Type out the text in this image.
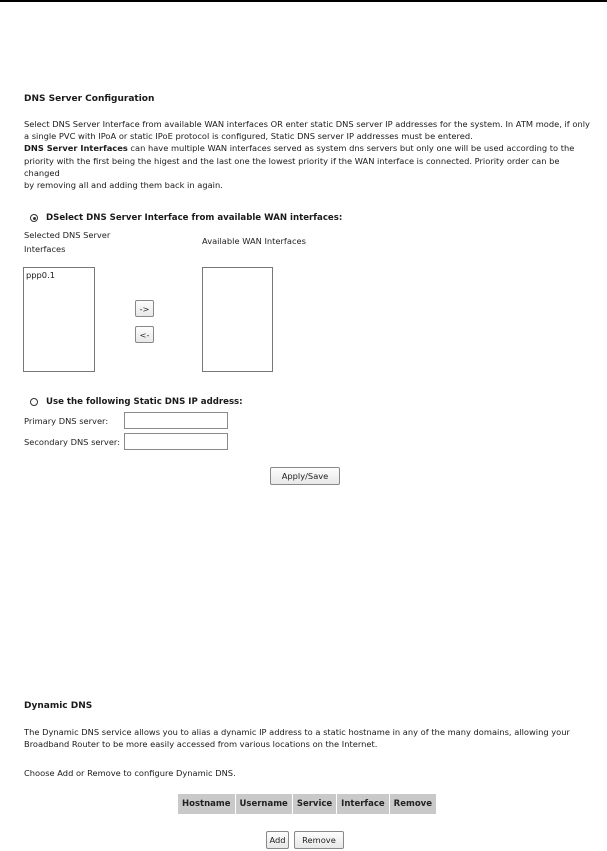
DNS Server Configuration
Select DNS Server Interface from available WAN interfaces OR enter static DNS server IP addresses for the system. In ATM mode, if only
a single PVC with IPoA or static IPoE protocol is configured, Static DNS server IP addresses must be entered.
DNS Server Interfaces can have multiple WAN interfaces served as system dns servers but only one will be used according to the
priority with the first being the higest and the last one the lowest priority if the WAN interface is connected. Priority order can be changed
by removing all and adding them back in again.
DSelect DNS Server Interface from available WAN interfaces:
Selected DNS Server
Interfaces
Available WAN Interfaces
ppp0.1
->
<-
Use the following Static DNS IP address:
Primary DNS server:
Secondary DNS server:
Apply/Save
Dynamic DNS
The Dynamic DNS service allows you to alias a dynamic IP address to a static hostname in any of the many domains, allowing your
Broadband Router to be more easily accessed from various locations on the Internet.
Choose Add or Remove to configure Dynamic DNS.
Hostname	Username	Service	Interface	Remove
Add	Remove
